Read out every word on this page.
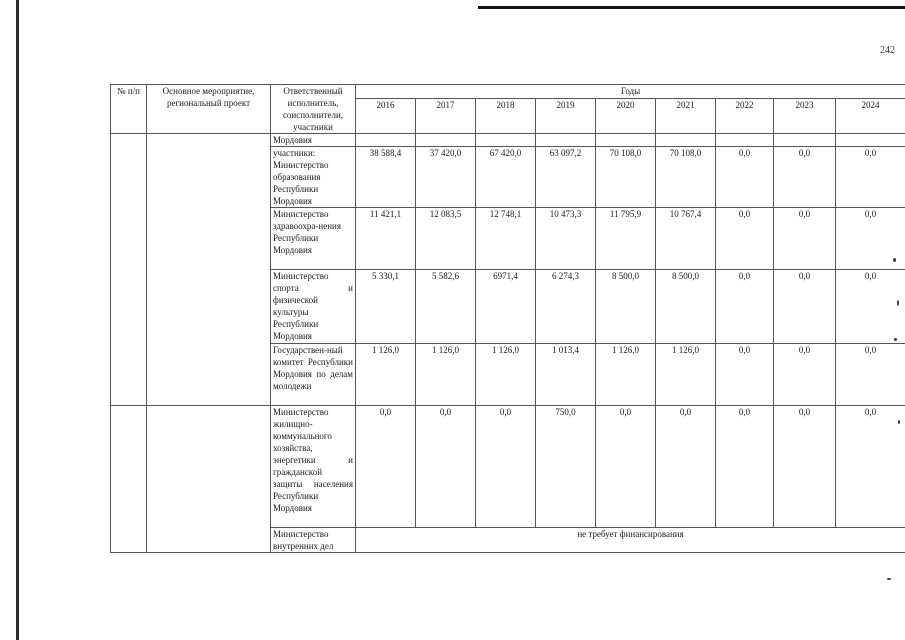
242
№ п/п	Основное мероприятие, региональный проект	Ответственный исполнитель, соисполнители, участники	Годы								
			2016	2017	2018	2019	2020	2021	2022	2023	2024
		Мордовия									
		участники: Министерство образования Республики Мордовия	38 588,4	37 420,0	67 420,0	63 097,2	70 108,0	70 108,0	0,0	0,0	0,0
		Министерство здравоохра-нения Республики Мордовия	11 421,1	12 083,5	12 748,1	10 473,3	11 795,9	10 767,4	0,0	0,0	0,0
		Министерство спорта и физической культуры Республики Мордовия	5 330,1	5 582,6	6971,4	6 274,3	8 500,0	8 500,0	0,0	0,0	0,0
		Государствен-ный комитет Республики Мордовия по делам молодежи	1 126,0	1 126,0	1 126,0	1 013,4	1 126,0	1 126,0	0,0	0,0	0,0
		Министерство жилищно-коммунального хозяйства, энергетики и гражданской защиты населения Республики Мордовия	0,0	0,0	0,0	750,0	0,0	0,0	0,0	0,0	0,0
		Министерство внутренних дел	не требует финансирования								
